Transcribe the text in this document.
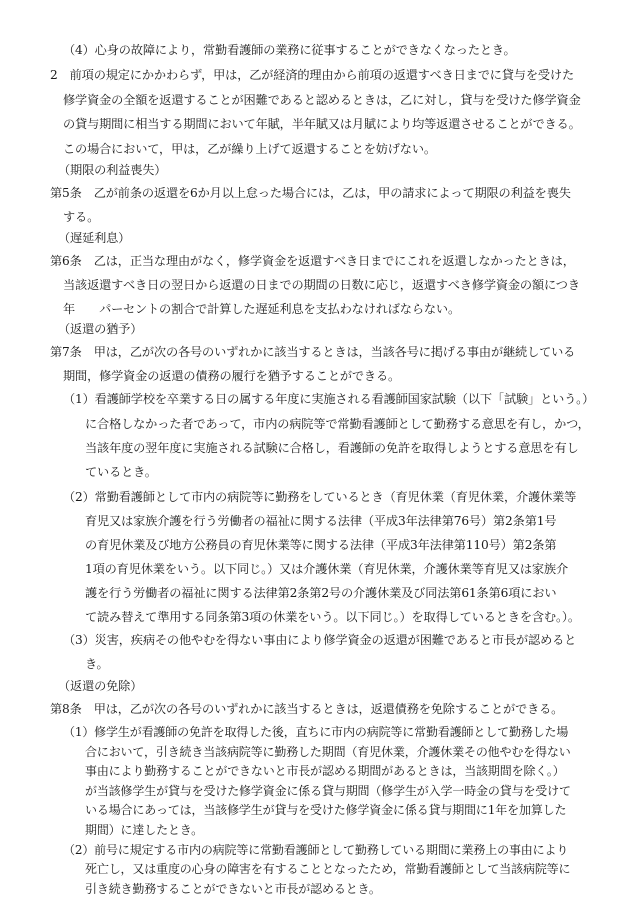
（4）心身の故障により，常勤看護師の業務に従事することができなくなったとき。
2　前項の規定にかかわらず，甲は，乙が経済的理由から前項の返還すべき日までに貸与を受けた
修学資金の全額を返還することが困難であると認めるときは，乙に対し，貸与を受けた修学資金
の貸与期間に相当する期間において年賦，半年賦又は月賦により均等返還させることができる。
この場合において，甲は，乙が繰り上げて返還することを妨げない。
（期限の利益喪失）
第5条　乙が前条の返還を6か月以上怠った場合には，乙は，甲の請求によって期限の利益を喪失
する。
（遅延利息）
第6条　乙は，正当な理由がなく，修学資金を返還すべき日までにこれを返還しなかったときは，
当該返還すべき日の翌日から返還の日までの期間の日数に応じ，返還すべき修学資金の額につき
年　　パーセントの割合で計算した遅延利息を支払わなければならない。
（返還の猶予）
第7条　甲は，乙が次の各号のいずれかに該当するときは，当該各号に掲げる事由が継続している
期間，修学資金の返還の債務の履行を猶予することができる。
（1）看護師学校を卒業する日の属する年度に実施される看護師国家試験（以下「試験」という。）
に合格しなかった者であって，市内の病院等で常勤看護師として勤務する意思を有し，かつ，
当該年度の翌年度に実施される試験に合格し，看護師の免許を取得しようとする意思を有し
ているとき。
（2）常勤看護師として市内の病院等に勤務をしているとき（育児休業（育児休業，介護休業等
育児又は家族介護を行う労働者の福祉に関する法律（平成3年法律第76号）第2条第1号
の育児休業及び地方公務員の育児休業等に関する法律（平成3年法律第110号）第2条第
1項の育児休業をいう。以下同じ。）又は介護休業（育児休業，介護休業等育児又は家族介
護を行う労働者の福祉に関する法律第2条第2号の介護休業及び同法第61条第6項におい
て読み替えて準用する同条第3項の休業をいう。以下同じ。）を取得しているときを含む。）。
（3）災害，疾病その他やむを得ない事由により修学資金の返還が困難であると市長が認めると
き。
（返還の免除）
第8条　甲は，乙が次の各号のいずれかに該当するときは，返還債務を免除することができる。
（1）修学生が看護師の免許を取得した後，直ちに市内の病院等に常勤看護師として勤務した場
合において，引き続き当該病院等に勤務した期間（育児休業，介護休業その他やむを得ない
事由により勤務することができないと市長が認める期間があるときは，当該期間を除く。）
が当該修学生が貸与を受けた修学資金に係る貸与期間（修学生が入学一時金の貸与を受けて
いる場合にあっては，当該修学生が貸与を受けた修学資金に係る貸与期間に1年を加算した
期間）に達したとき。
（2）前号に規定する市内の病院等に常勤看護師として勤務している期間に業務上の事由により
死亡し，又は重度の心身の障害を有することとなったため，常勤看護師として当該病院等に
引き続き勤務することができないと市長が認めるとき。
